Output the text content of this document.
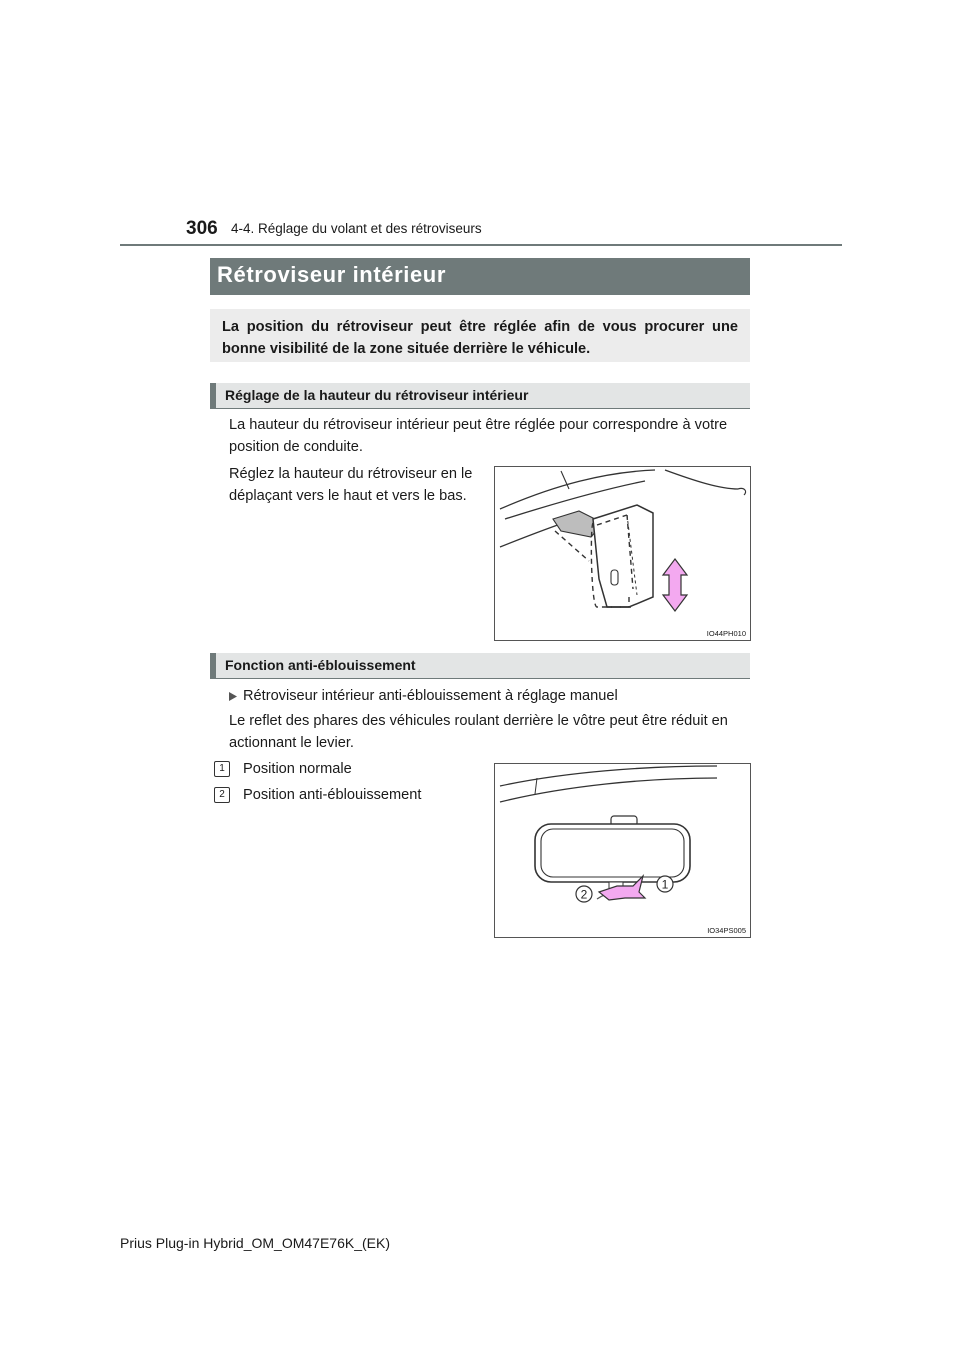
306 4-4. Réglage du volant et des rétroviseurs
Rétroviseur intérieur

La position du rétroviseur peut être réglée afin de vous procurer une bonne visibilité de la zone située derrière le véhicule.

Réglage de la hauteur du rétroviseur intérieur

La hauteur du rétroviseur intérieur peut être réglée pour correspondre à votre position de conduite.

Réglez la hauteur du rétroviseur en le déplaçant vers le haut et vers le bas.

IO44PH010
Fonction anti-éblouissement
Rétroviseur intérieur anti-éblouissement à réglage manuel

Le reflet des phares des véhicules roulant derrière le vôtre peut être réduit en actionnant le levier.

1	Position normale
2	Position anti-éblouissement
2
1
IO34PS005
Prius Plug-in Hybrid_OM_OM47E76K_(EK)
